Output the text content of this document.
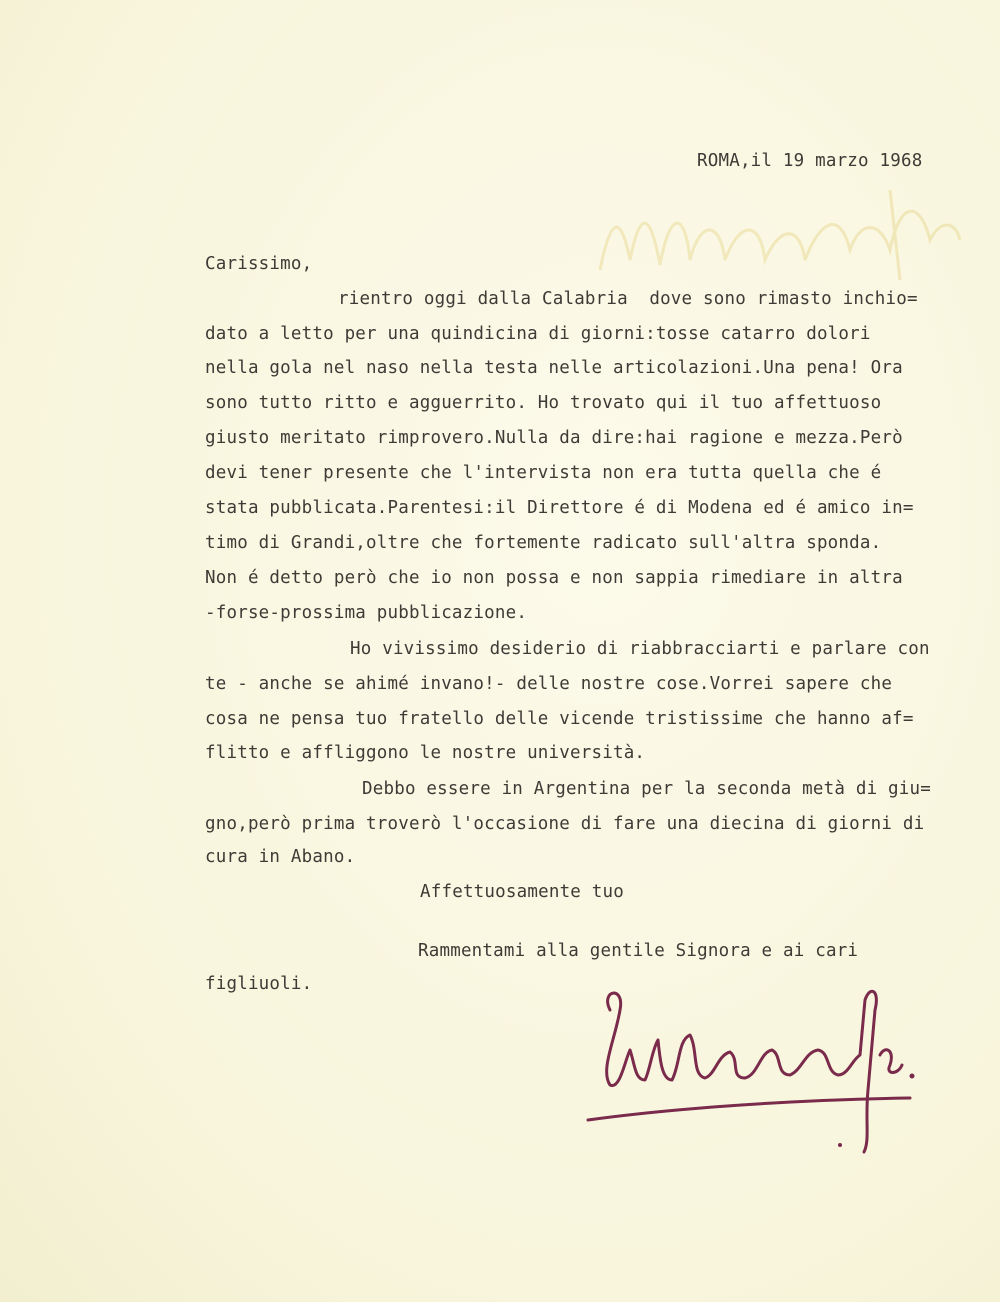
ROMA,il 19 marzo 1968
Carissimo,
rientro oggi dalla Calabria  dove sono rimasto inchio=
dato a letto per una quindicina di giorni:tosse catarro dolori
nella gola nel naso nella testa nelle articolazioni.Una pena! Ora
sono tutto ritto e agguerrito. Ho trovato qui il tuo affettuoso
giusto meritato rimprovero.Nulla da dire:hai ragione e mezza.Però
devi tener presente che l'intervista non era tutta quella che é
stata pubblicata.Parentesi:il Direttore é di Modena ed é amico in=
timo di Grandi,oltre che fortemente radicato sull'altra sponda.
Non é detto però che io non possa e non sappia rimediare in altra
-forse-prossima pubblicazione.
Ho vivissimo desiderio di riabbracciarti e parlare con
te - anche se ahimé invano!- delle nostre cose.Vorrei sapere che
cosa ne pensa tuo fratello delle vicende tristissime che hanno af=
flitto e affliggono le nostre università.
Debbo essere in Argentina per la seconda metà di giu=
gno,però prima troverò l'occasione di fare una diecina di giorni di
cura in Abano.
Affettuosamente tuo
Rammentami alla gentile Signora e ai cari
figliuoli.
